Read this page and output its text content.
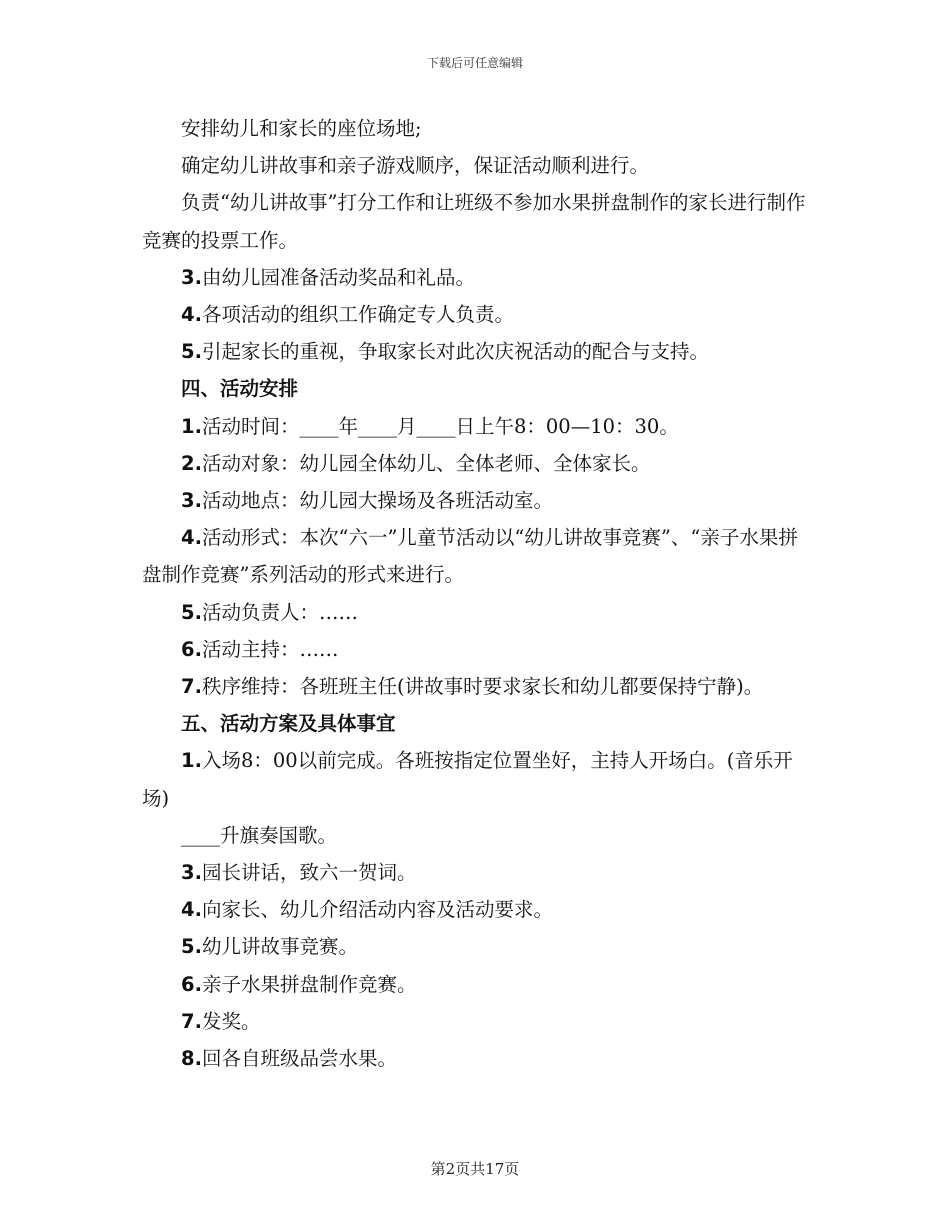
下载后可任意编辑

安排幼儿和家长的座位场地;

确定幼儿讲故事和亲子游戏顺序，保证活动顺利进行。

负责“幼儿讲故事”打分工作和让班级不参加水果拼盘制作的家长进行制作竞赛的投票工作。

3.由幼儿园准备活动奖品和礼品。

4.各项活动的组织工作确定专人负责。

5.引起家长的重视，争取家长对此次庆祝活动的配合与支持。

四、活动安排

1.活动时间：____年____月____日上午8：00—10：30。

2.活动对象：幼儿园全体幼儿、全体老师、全体家长。

3.活动地点：幼儿园大操场及各班活动室。

4.活动形式：本次“六一”儿童节活动以“幼儿讲故事竞赛”、“亲子水果拼盘制作竞赛”系列活动的形式来进行。

5.活动负责人：……

6.活动主持：……

7.秩序维持：各班班主任(讲故事时要求家长和幼儿都要保持宁静)。

五、活动方案及具体事宜

1.入场8：00以前完成。各班按指定位置坐好，主持人开场白。(音乐开场)

____升旗奏国歌。

3.园长讲话，致六一贺词。

4.向家长、幼儿介绍活动内容及活动要求。

5.幼儿讲故事竞赛。

6.亲子水果拼盘制作竞赛。

7.发奖。

8.回各自班级品尝水果。

第2页共17页
